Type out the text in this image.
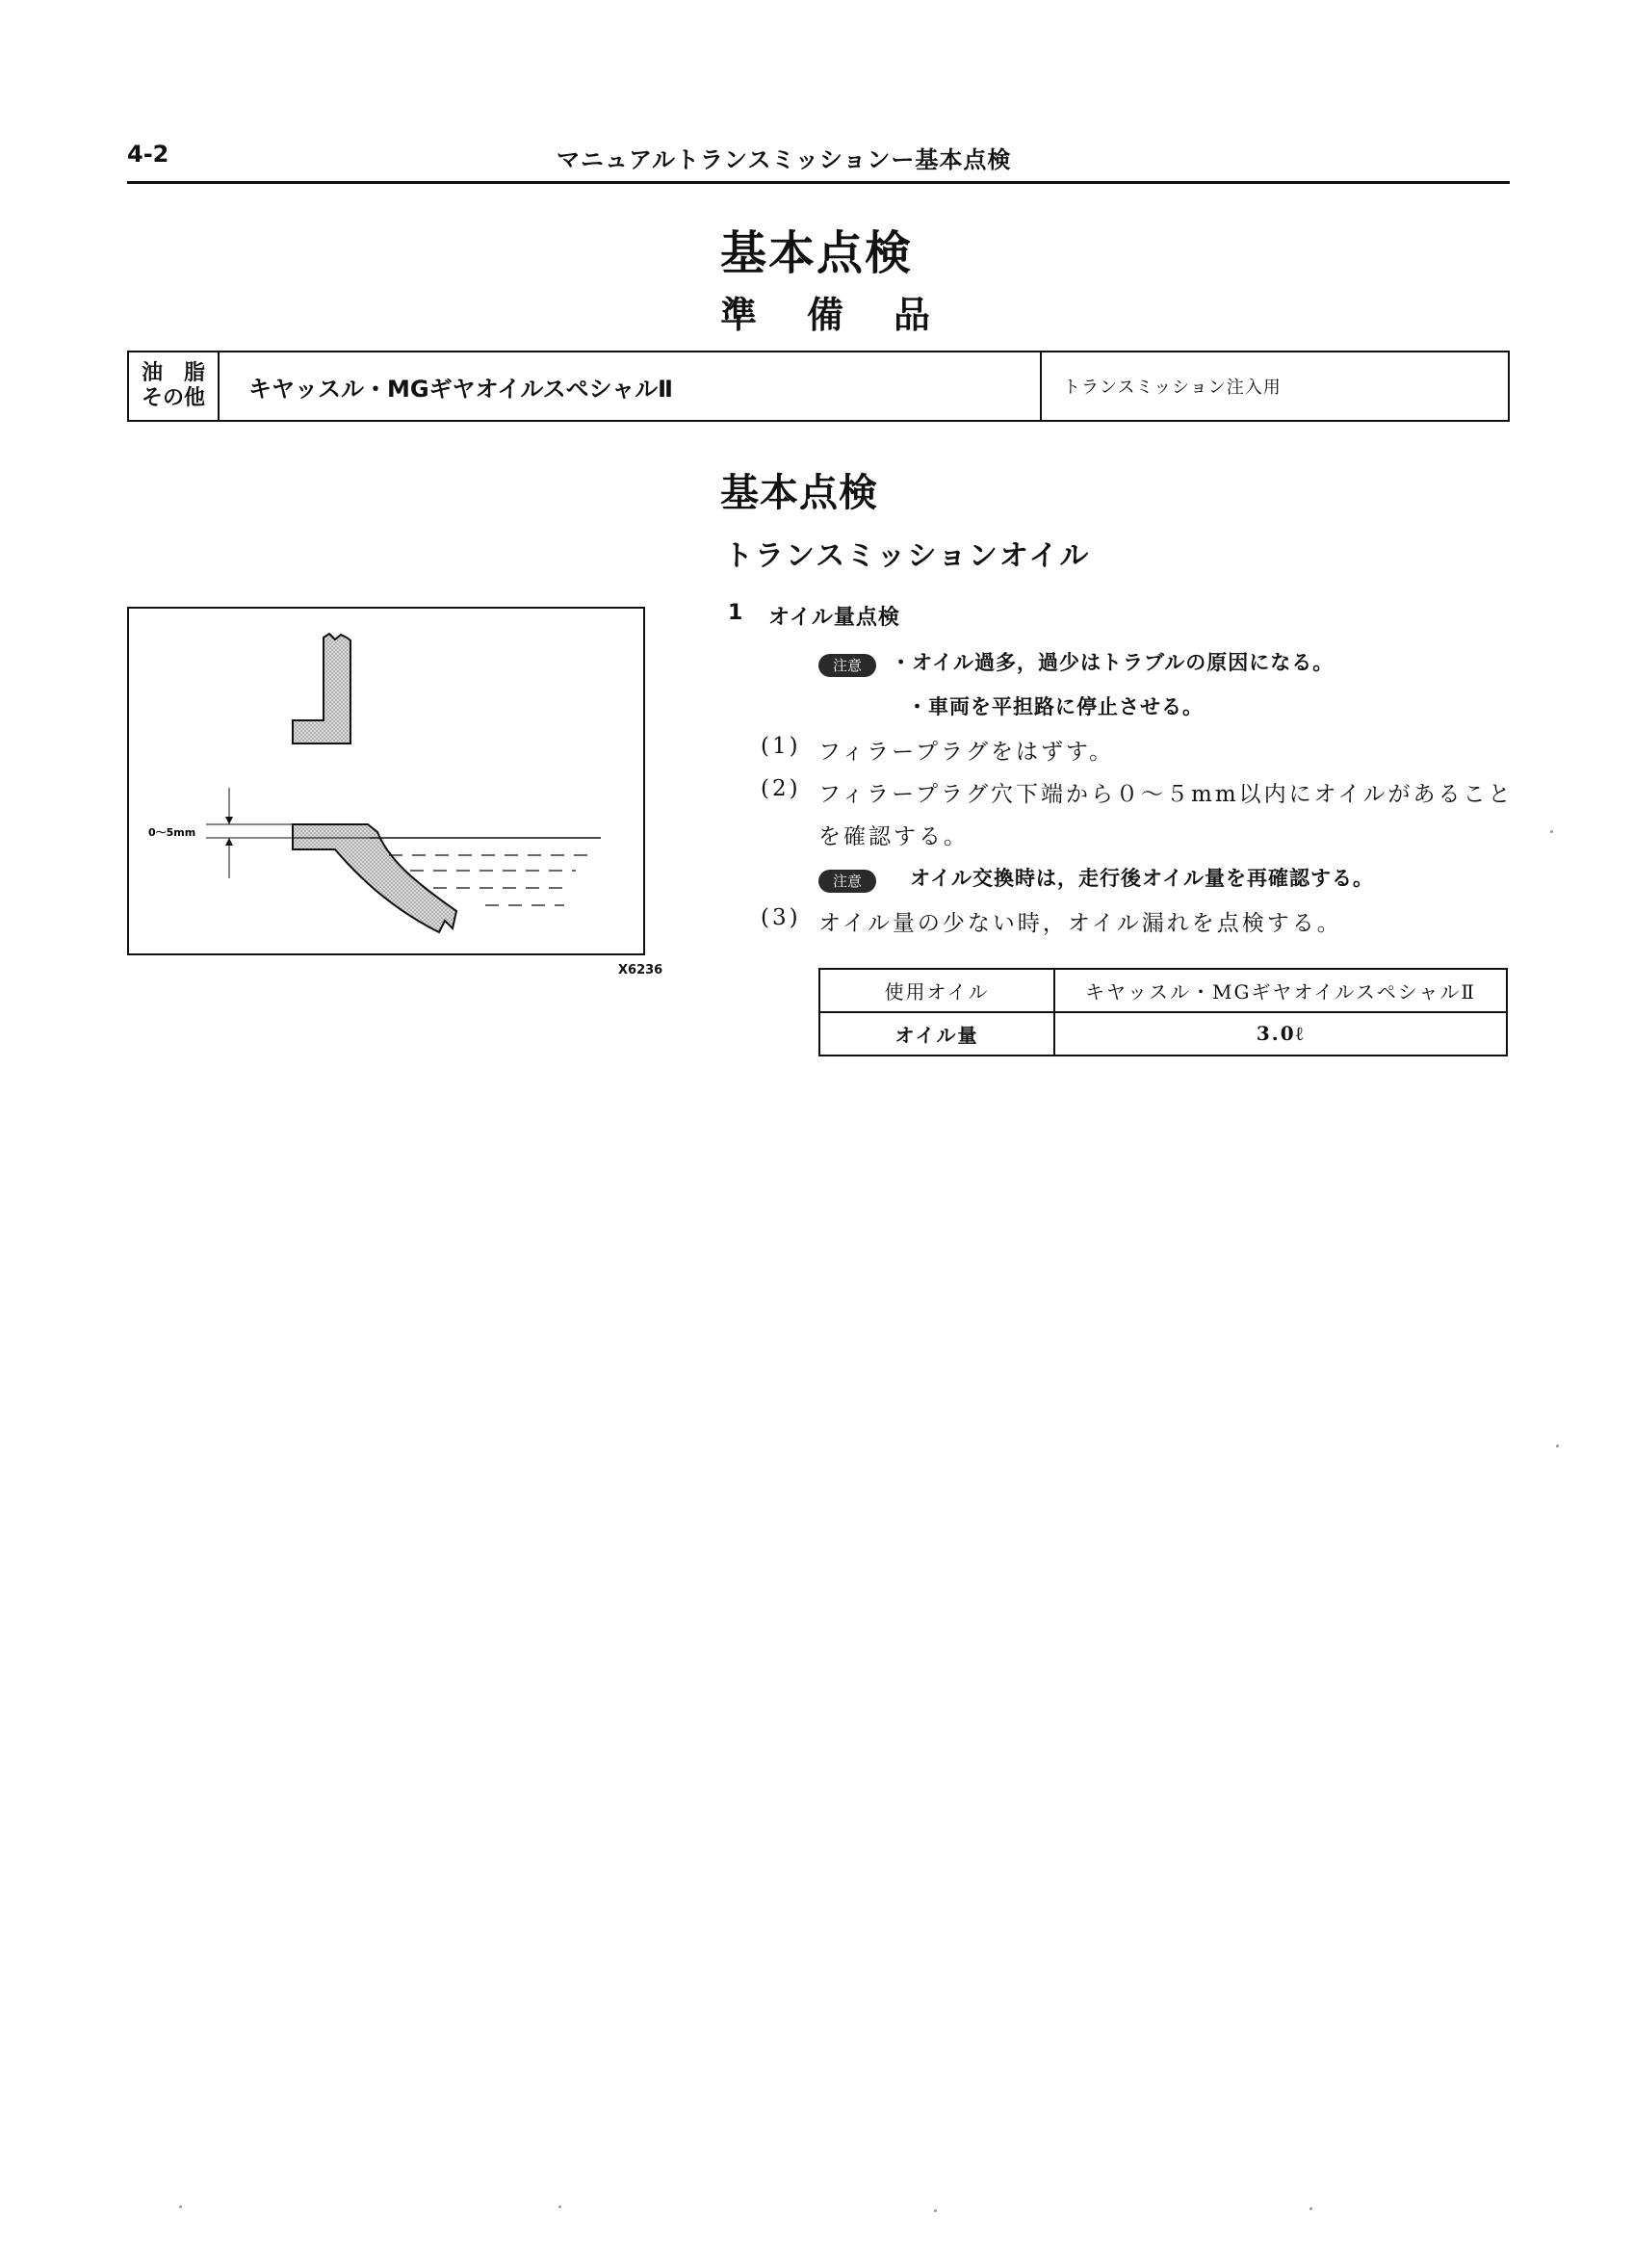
4-2	マニュアルトランスミッションー基本点検
基本点検
準 備 品
油　脂
その他	キヤッスル・MGギヤオイルスペシャルⅡ	トランスミッション注入用
基本点検
トランスミッションオイル
0～5mm
X6236
1 オイル量点検
注意 ・オイル過多，過少はトラブルの原因になる。
・車両を平担路に停止させる。
(1) フィラープラグをはずす。
(2) フィラープラグ穴下端から０～５mm以内にオイルがあること
を確認する。
注意 オイル交換時は，走行後オイル量を再確認する。
(3) オイル量の少ない時，オイル漏れを点検する。
使用オイル	キヤッスル・MGギヤオイルスペシャルⅡ
オイル量	3.0ℓ
